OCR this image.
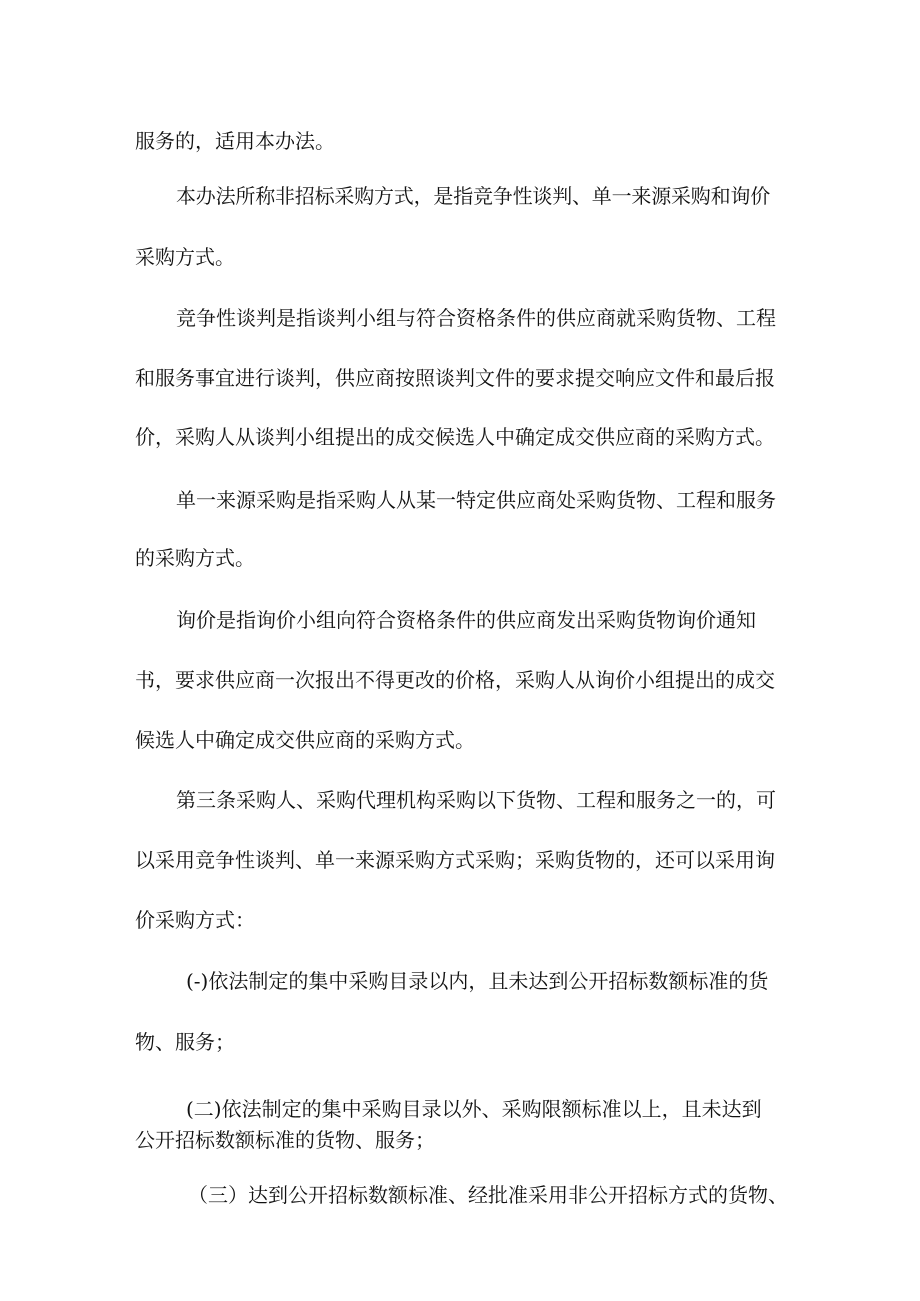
服务的，适用本办法。

本办法所称非招标采购方式，是指竞争性谈判、单一来源采购和询价

采购方式。

竞争性谈判是指谈判小组与符合资格条件的供应商就采购货物、工程

和服务事宜进行谈判，供应商按照谈判文件的要求提交响应文件和最后报

价，采购人从谈判小组提出的成交候选人中确定成交供应商的采购方式。

单一来源采购是指采购人从某一特定供应商处采购货物、工程和服务

的采购方式。

询价是指询价小组向符合资格条件的供应商发出采购货物询价通知

书，要求供应商一次报出不得更改的价格，采购人从询价小组提出的成交

候选人中确定成交供应商的采购方式。

第三条采购人、采购代理机构采购以下货物、工程和服务之一的，可

以采用竞争性谈判、单一来源采购方式采购；采购货物的，还可以采用询

价采购方式：

(-)依法制定的集中采购目录以内，且未达到公开招标数额标准的货

物、服务；

(二)依法制定的集中采购目录以外、采购限额标准以上，且未达到

公开招标数额标准的货物、服务；

（三）达到公开招标数额标准、经批准采用非公开招标方式的货物、
